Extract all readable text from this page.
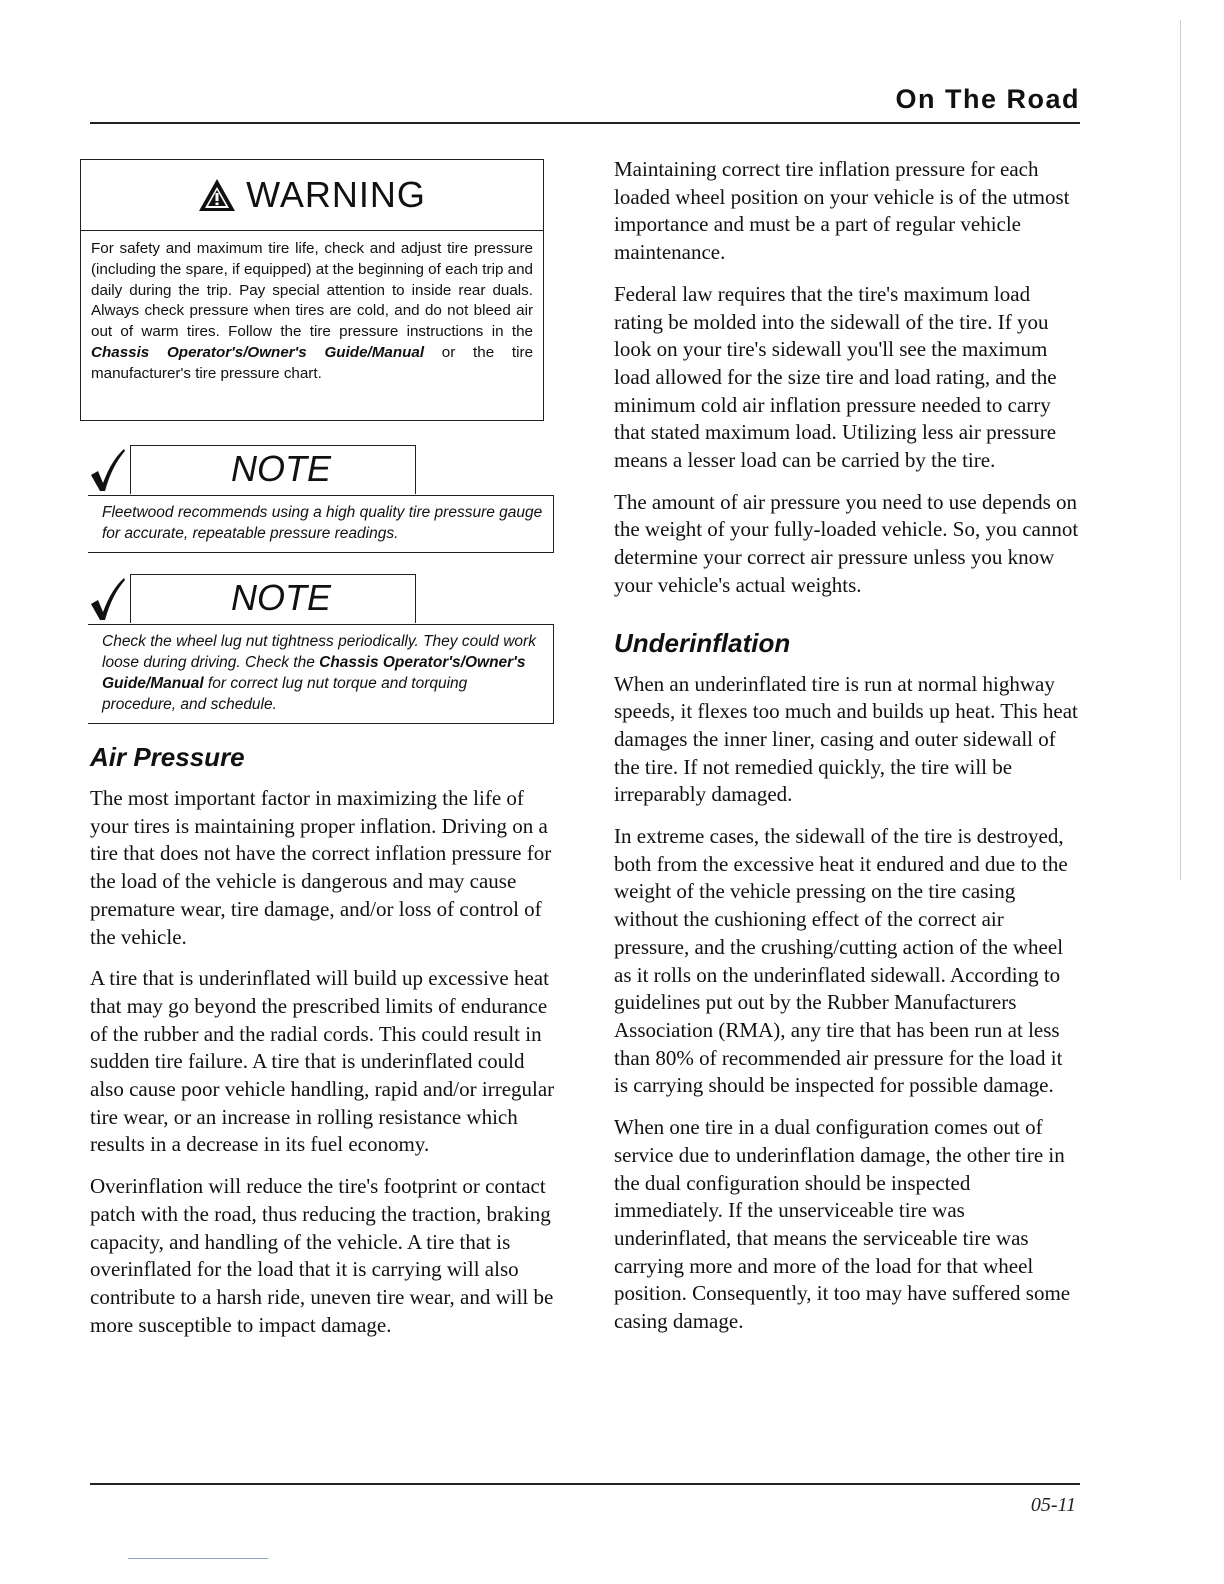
On The Road
WARNING
For safety and maximum tire life, check and adjust tire pressure (including the spare, if equipped) at the beginning of each trip and daily during the trip. Pay special attention to inside rear duals. Always check pressure when tires are cold, and do not bleed air out of warm tires. Follow the tire pressure instructions in the Chassis Operator's/Owner's Guide/Manual or the tire manufacturer's tire pressure chart.
NOTE
Fleetwood recommends using a high quality tire pressure gauge for accurate, repeatable pressure readings.
NOTE
Check the wheel lug nut tightness periodically. They could work loose during driving. Check the Chassis Operator's/Owner's Guide/Manual for correct lug nut torque and torquing procedure, and schedule.
Air Pressure

The most important factor in maximizing the life of your tires is maintaining proper inflation. Driving on a tire that does not have the correct inflation pressure for the load of the vehicle is dangerous and may cause premature wear, tire damage, and/or loss of control of the vehicle.

A tire that is underinflated will build up excessive heat that may go beyond the prescribed limits of endurance of the rubber and the radial cords. This could result in sudden tire failure. A tire that is underinflated could also cause poor vehicle handling, rapid and/or irregular tire wear, or an increase in rolling resistance which results in a decrease in its fuel economy.

Overinflation will reduce the tire's footprint or contact patch with the road, thus reducing the traction, braking capacity, and handling of the vehicle. A tire that is overinflated for the load that it is carrying will also contribute to a harsh ride, uneven tire wear, and will be more susceptible to impact damage.

Maintaining correct tire inflation pressure for each loaded wheel position on your vehicle is of the utmost importance and must be a part of regular vehicle maintenance.

Federal law requires that the tire's maximum load rating be molded into the sidewall of the tire. If you look on your tire's sidewall you'll see the maximum load allowed for the size tire and load rating, and the minimum cold air inflation pressure needed to carry that stated maximum load. Utilizing less air pressure means a lesser load can be carried by the tire.

The amount of air pressure you need to use depends on the weight of your fully-loaded vehicle. So, you cannot determine your correct air pressure unless you know your vehicle's actual weights.

Underinflation

When an underinflated tire is run at normal highway speeds, it flexes too much and builds up heat. This heat damages the inner liner, casing and outer sidewall of the tire. If not remedied quickly, the tire will be irreparably damaged.

In extreme cases, the sidewall of the tire is destroyed, both from the excessive heat it endured and due to the weight of the vehicle pressing on the tire casing without the cushioning effect of the correct air pressure, and the crushing/cutting action of the wheel as it rolls on the underinflated sidewall. According to guidelines put out by the Rubber Manufacturers Association (RMA), any tire that has been run at less than 80% of recommended air pressure for the load it is carrying should be inspected for possible damage.

When one tire in a dual configuration comes out of service due to underinflation damage, the other tire in the dual configuration should be inspected immediately. If the unserviceable tire was underinflated, that means the serviceable tire was carrying more and more of the load for that wheel position. Consequently, it too may have suffered some casing damage.

05-11
